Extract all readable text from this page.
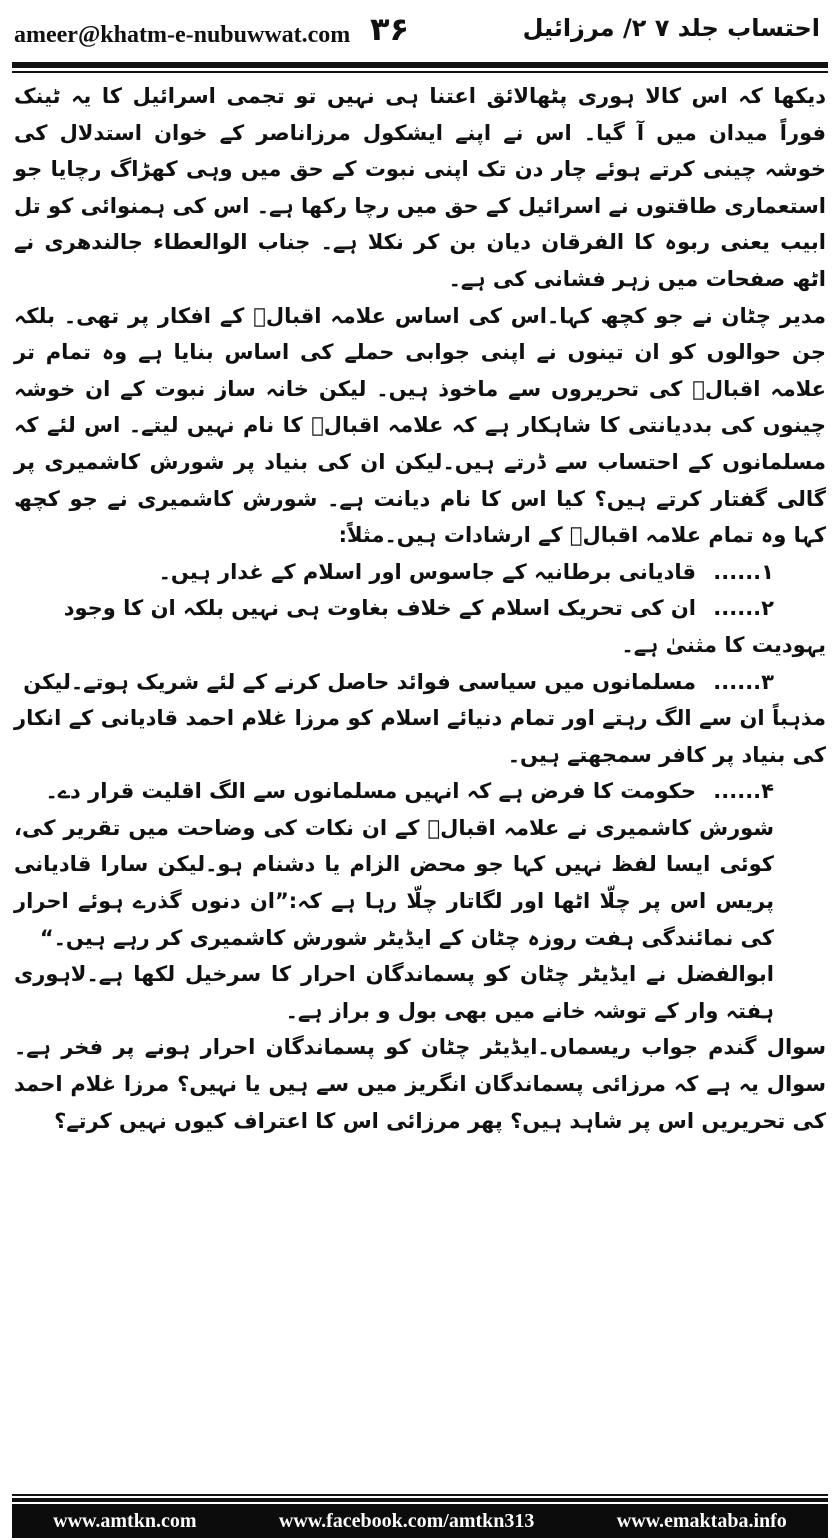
ameer@khatm-e-nubuwwat.com ۳۶	احتساب جلد ۷ ۲/ مرزائیل

دیکھا کہ اس کالا ہوری پٹھالائق اعتنا ہی نہیں تو تجمی اسرائیل کا یہ ٹینک فوراً میدان میں آ گیا۔ اس نے اپنے ایشکول مرزاناصر کے خوان استدلال کی خوشہ چینی کرتے ہوئے چار دن تک اپنی نبوت کے حق میں وہی کھڑاگ رچایا جو استعماری طاقتوں نے اسرائیل کے حق میں رچا رکھا ہے۔ اس کی ہمنوائی کو تل ابیب یعنی ربوہ کا الفرقان دیان بن کر نکلا ہے۔ جناب الوالعطاء جالندھری نے اٹھ صفحات میں زہر فشانی کی ہے۔

مدیر چٹان نے جو کچھ کہا۔اس کی اساس علامہ اقبالؒ کے افکار پر تھی۔ بلکہ جن حوالوں کو ان تینوں نے اپنی جوابی حملے کی اساس بنایا ہے وہ تمام تر علامہ اقبالؒ کی تحریروں سے ماخوذ ہیں۔ لیکن خانہ ساز نبوت کے ان خوشہ چینوں کی بددیانتی کا شاہکار ہے کہ علامہ اقبالؒ کا نام نہیں لیتے۔ اس لئے کہ مسلمانوں کے احتساب سے ڈرتے ہیں۔لیکن ان کی بنیاد پر شورش کاشمیری پر گالی گفتار کرتے ہیں؟ کیا اس کا نام دیانت ہے۔ شورش کاشمیری نے جو کچھ کہا وہ تمام علامہ اقبالؒ کے ارشادات ہیں۔مثلاً:

۱......
قادیانی برطانیہ کے جاسوس اور اسلام کے غدار ہیں۔
۲......
ان کی تحریک اسلام کے خلاف بغاوت ہی نہیں بلکہ ان کا وجود

یہودیت کا مثنیٰ ہے۔

۳......
مسلمانوں میں سیاسی فوائد حاصل کرنے کے لئے شریک ہوتے۔لیکن

مذہباً ان سے الگ رہتے اور تمام دنیائے اسلام کو مرزا غلام احمد قادیانی کے انکار کی بنیاد پر کافر سمجھتے ہیں۔

۴......
حکومت کا فرض ہے کہ انہیں مسلمانوں سے الگ اقلیت قرار دے۔

شورش کاشمیری نے علامہ اقبالؒ کے ان نکات کی وضاحت میں تقریر کی، کوئی ایسا لفظ نہیں کہا جو محض الزام یا دشنام ہو۔لیکن سارا قادیانی پریس اس پر چلّا اٹھا اور لگاتار چلّا رہا ہے کہ:”ان دنوں گذرے ہوئے احرار کی نمائندگی ہفت روزہ چٹان کے ایڈیٹر شورش کاشمیری کر رہے ہیں۔“

ابوالفضل نے ایڈیٹر چٹان کو پسماندگان احرار کا سرخیل لکھا ہے۔لاہوری ہفتہ وار کے توشہ خانے میں بھی بول و براز ہے۔

سوال گندم جواب ریسماں۔ایڈیٹر چٹان کو پسماندگان احرار ہونے پر فخر ہے۔سوال یہ ہے کہ مرزائی پسماندگان انگریز میں سے ہیں یا نہیں؟ مرزا غلام احمد کی تحریریں اس پر شاہد ہیں؟ پھر مرزائی اس کا اعتراف کیوں نہیں کرتے؟

www.amtkn.com	www.facebook.com/amtkn313	www.emaktaba.info
